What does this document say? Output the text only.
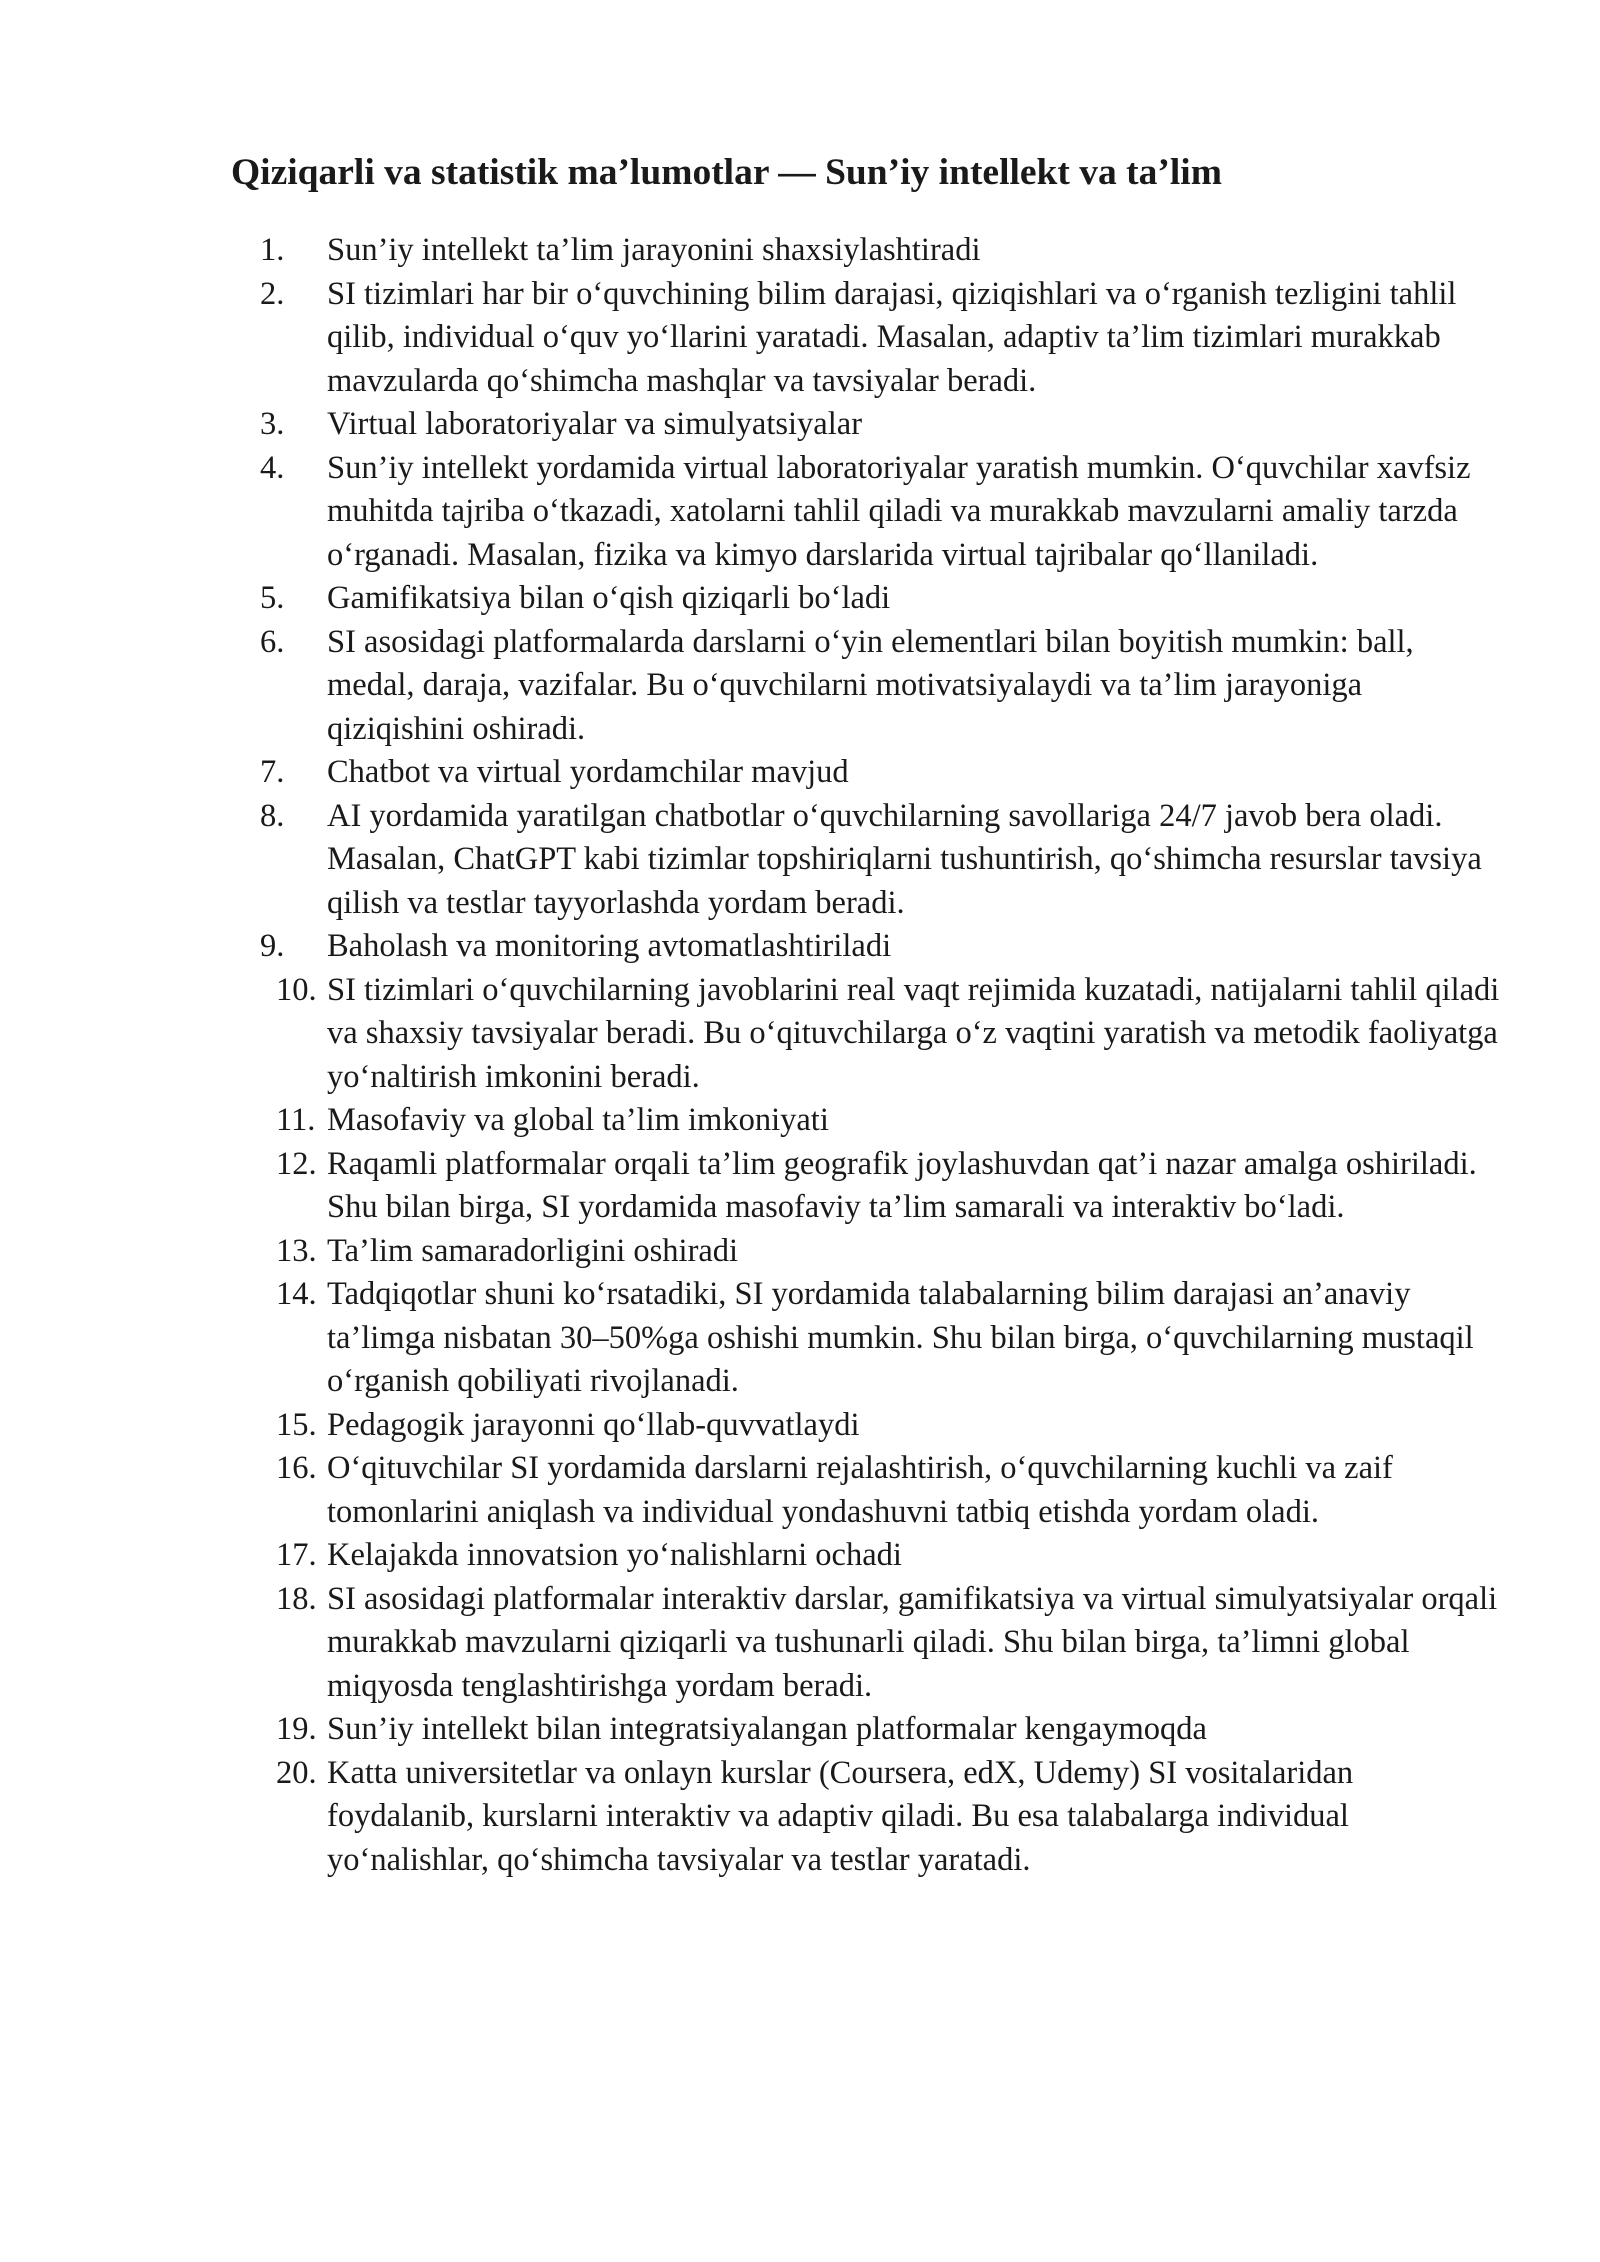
Qiziqarli va statistik ma’lumotlar — Sun’iy intellekt va ta’lim
1. Sun’iy intellekt ta’lim jarayonini shaxsiylashtiradi
2. SI tizimlari har bir o‘quvchining bilim darajasi, qiziqishlari va o‘rganish tezligini tahlil qilib, individual o‘quv yo‘llarini yaratadi. Masalan, adaptiv ta’lim tizimlari murakkab mavzularda qo‘shimcha mashqlar va tavsiyalar beradi.
3. Virtual laboratoriyalar va simulyatsiyalar
4. Sun’iy intellekt yordamida virtual laboratoriyalar yaratish mumkin. O‘quvchilar xavfsiz muhitda tajriba o‘tkazadi, xatolarni tahlil qiladi va murakkab mavzularni amaliy tarzda o‘rganadi. Masalan, fizika va kimyo darslarida virtual tajribalar qo‘llaniladi.
5. Gamifikatsiya bilan o‘qish qiziqarli bo‘ladi
6. SI asosidagi platformalarda darslarni o‘yin elementlari bilan boyitish mumkin: ball, medal, daraja, vazifalar. Bu o‘quvchilarni motivatsiyalaydi va ta’lim jarayoniga qiziqishini oshiradi.
7. Chatbot va virtual yordamchilar mavjud
8. AI yordamida yaratilgan chatbotlar o‘quvchilarning savollariga 24/7 javob bera oladi. Masalan, ChatGPT kabi tizimlar topshiriqlarni tushuntirish, qo‘shimcha resurslar tavsiya qilish va testlar tayyorlashda yordam beradi.
9. Baholash va monitoring avtomatlashtiriladi
10. SI tizimlari o‘quvchilarning javoblarini real vaqt rejimida kuzatadi, natijalarni tahlil qiladi va shaxsiy tavsiyalar beradi. Bu o‘qituvchilarga o‘z vaqtini yaratish va metodik faoliyatga yo‘naltirish imkonini beradi.
11. Masofaviy va global ta’lim imkoniyati
12. Raqamli platformalar orqali ta’lim geografik joylashuvdan qat’i nazar amalga oshiriladi. Shu bilan birga, SI yordamida masofaviy ta’lim samarali va interaktiv bo‘ladi.
13. Ta’lim samaradorligini oshiradi
14. Tadqiqotlar shuni ko‘rsatadiki, SI yordamida talabalarning bilim darajasi an’anaviy ta’limga nisbatan 30–50%ga oshishi mumkin. Shu bilan birga, o‘quvchilarning mustaqil o‘rganish qobiliyati rivojlanadi.
15. Pedagogik jarayonni qo‘llab-quvvatlaydi
16. O‘qituvchilar SI yordamida darslarni rejalashtirish, o‘quvchilarning kuchli va zaif tomonlarini aniqlash va individual yondashuvni tatbiq etishda yordam oladi.
17. Kelajakda innovatsion yo‘nalishlarni ochadi
18. SI asosidagi platformalar interaktiv darslar, gamifikatsiya va virtual simulyatsiyalar orqali murakkab mavzularni qiziqarli va tushunarli qiladi. Shu bilan birga, ta’limni global miqyosda tenglashtirishga yordam beradi.
19. Sun’iy intellekt bilan integratsiyalangan platformalar kengaymoqda
20. Katta universitetlar va onlayn kurslar (Coursera, edX, Udemy) SI vositalaridan foydalanib, kurslarni interaktiv va adaptiv qiladi. Bu esa talabalarga individual yo‘nalishlar, qo‘shimcha tavsiyalar va testlar yaratadi.
